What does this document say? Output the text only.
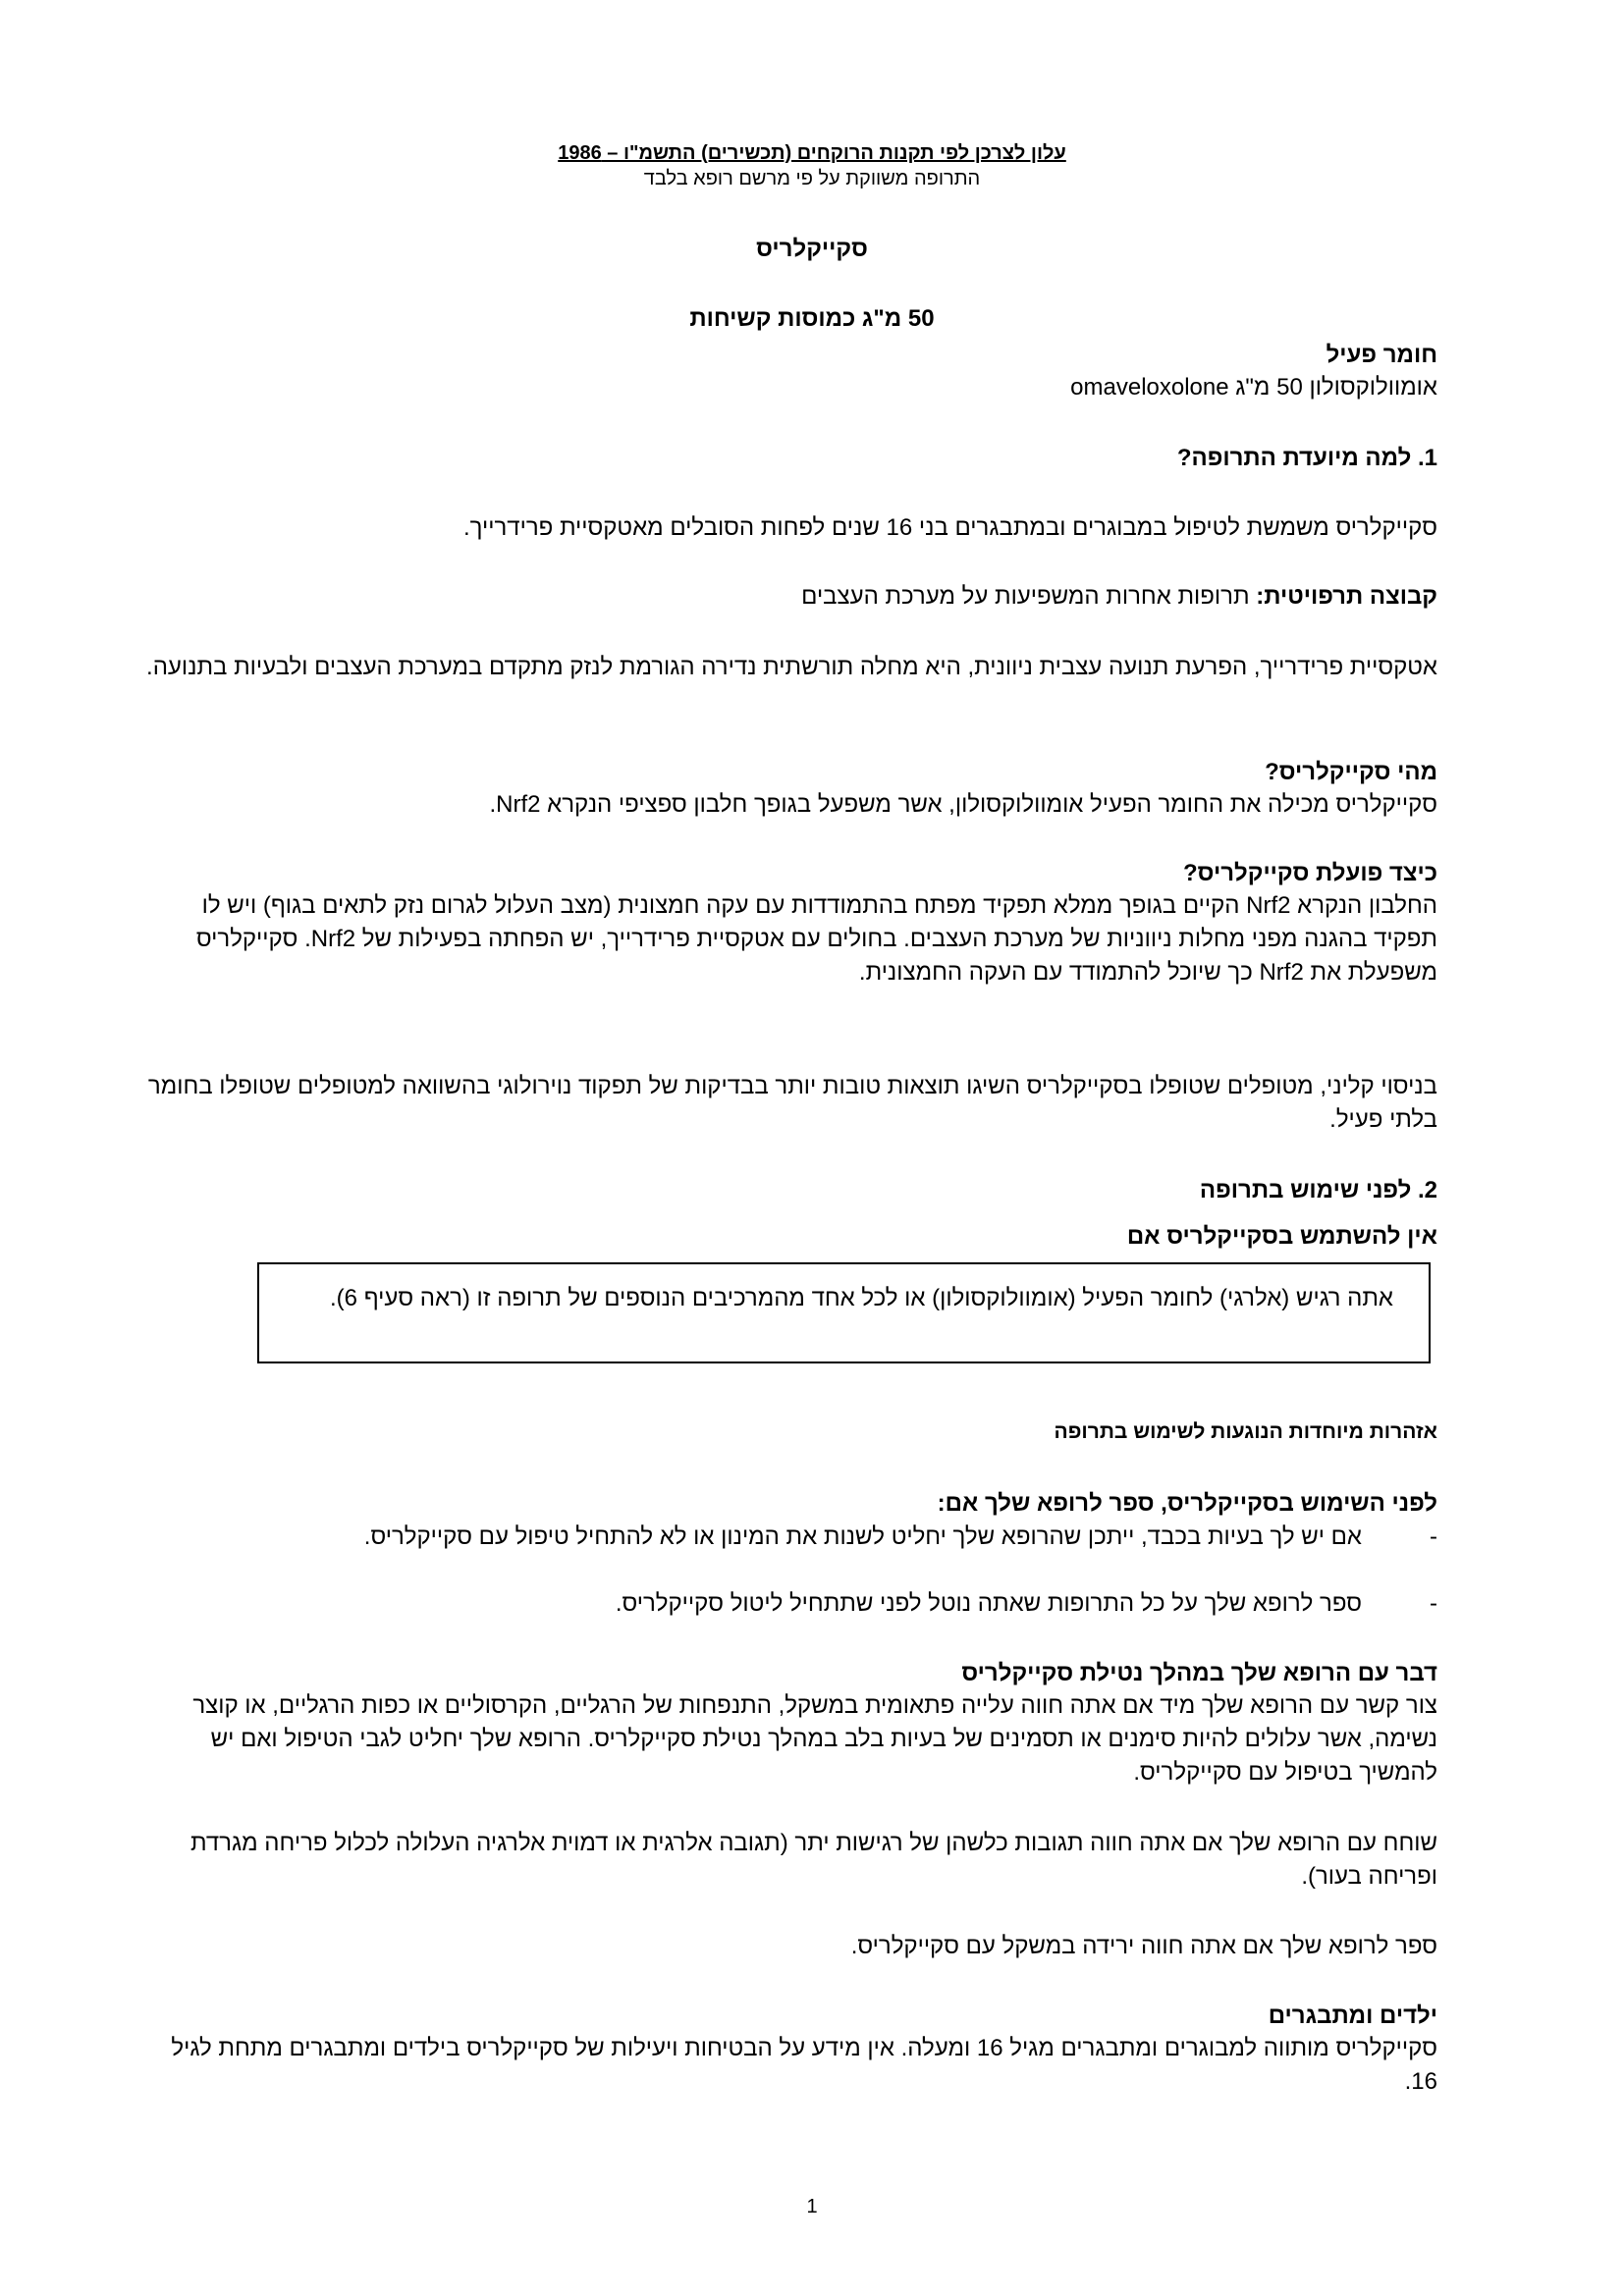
עלון לצרכן לפי תקנות הרוקחים (תכשירים) התשמ"ו – 1986
התרופה משווקת על פי מרשם רופא בלבד
סקייקלריס
50 מ"ג כמוסות קשיחות
חומר פעיל
אומוולוקסולון 50 מ"ג omaveloxolone
1. למה מיועדת התרופה?
סקייקלריס משמשת לטיפול במבוגרים ובמתבגרים בני 16 שנים לפחות הסובלים מאטקסיית פרידרייך.
קבוצה תרפויטית: תרופות אחרות המשפיעות על מערכת העצבים
אטקסיית פרידרייך, הפרעת תנועה עצבית ניוונית, היא מחלה תורשתית נדירה הגורמת לנזק מתקדם במערכת העצבים ולבעיות בתנועה.
מהי סקייקלריס?
סקייקלריס מכילה את החומר הפעיל אומוולוקסולון, אשר משפעל בגופך חלבון ספציפי הנקרא Nrf2.
כיצד פועלת סקייקלריס?
החלבון הנקרא Nrf2 הקיים בגופך ממלא תפקיד מפתח בהתמודדות עם עקה חמצונית (מצב העלול לגרום נזק לתאים בגוף) ויש לו תפקיד בהגנה מפני מחלות ניווניות של מערכת העצבים. בחולים עם אטקסיית פרידרייך, יש הפחתה בפעילות של Nrf2. סקייקלריס משפעלת את Nrf2 כך שיוכל להתמודד עם העקה החמצונית.
בניסוי קליני, מטופלים שטופלו בסקייקלריס השיגו תוצאות טובות יותר בבדיקות של תפקוד נוירולוגי בהשוואה למטופלים שטופלו בחומר בלתי פעיל.
2. לפני שימוש בתרופה
אין להשתמש בסקייקלריס אם
אתה רגיש (אלרגי) לחומר הפעיל (אומוולוקסולון) או לכל אחד מהמרכיבים הנוספים של תרופה זו (ראה סעיף 6).
אזהרות מיוחדות הנוגעות לשימוש בתרופה
לפני השימוש בסקייקלריס, ספר לרופא שלך אם:
-
אם יש לך בעיות בכבד, ייתכן שהרופא שלך יחליט לשנות את המינון או לא להתחיל טיפול עם סקייקלריס.
-
ספר לרופא שלך על כל התרופות שאתה נוטל לפני שתתחיל ליטול סקייקלריס.
דבר עם הרופא שלך במהלך נטילת סקייקלריס
צור קשר עם הרופא שלך מיד אם אתה חווה עלייה פתאומית במשקל, התנפחות של הרגליים, הקרסוליים או כפות הרגליים, או קוצר נשימה, אשר עלולים להיות סימנים או תסמינים של בעיות בלב במהלך נטילת סקייקלריס. הרופא שלך יחליט לגבי הטיפול ואם יש להמשיך בטיפול עם סקייקלריס.
שוחח עם הרופא שלך אם אתה חווה תגובות כלשהן של רגישות יתר (תגובה אלרגית או דמוית אלרגיה העלולה לכלול פריחה מגרדת ופריחה בעור).
ספר לרופא שלך אם אתה חווה ירידה במשקל עם סקייקלריס.
ילדים ומתבגרים
סקייקלריס מותווה למבוגרים ומתבגרים מגיל 16 ומעלה. אין מידע על הבטיחות ויעילות של סקייקלריס בילדים ומתבגרים מתחת לגיל 16.
1
